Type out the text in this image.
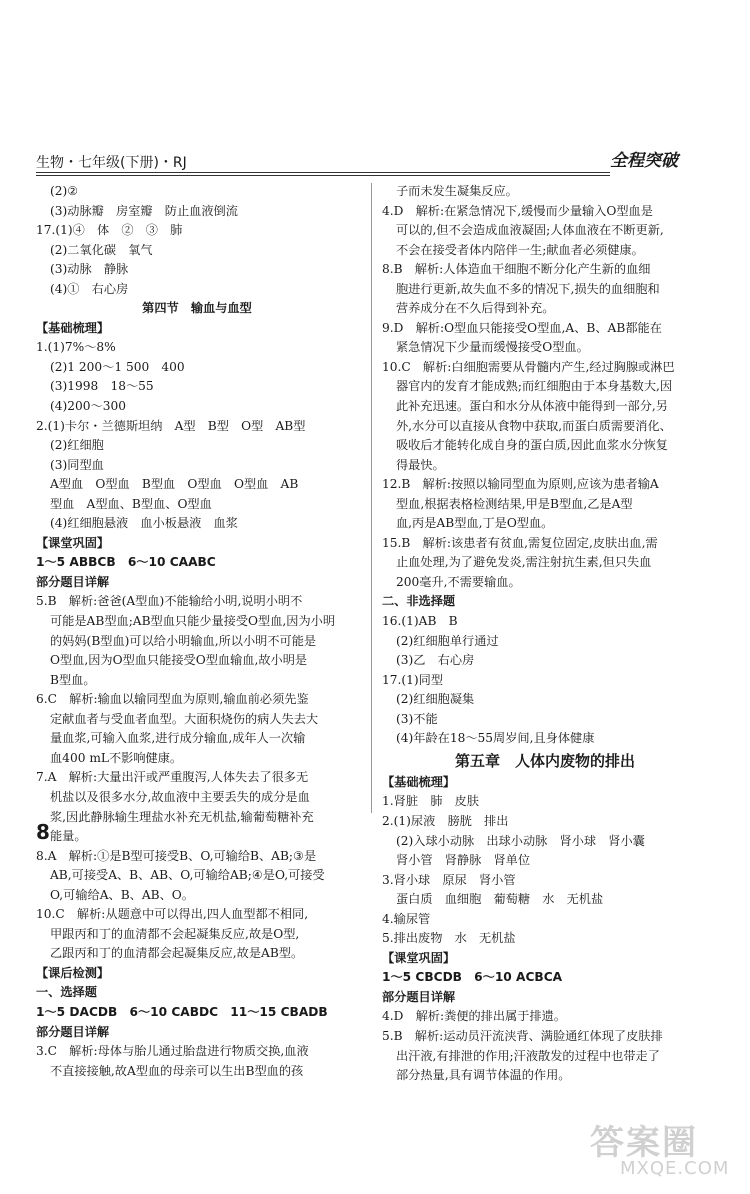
生物・七年级(下册)・RJ	全程突破
(2)②
(3)动脉瓣　房室瓣　防止血液倒流
17.(1)④　体　②　③　肺
(2)二氧化碳　氧气
(3)动脉　静脉
(4)①　右心房
第四节　输血与血型
【基础梳理】
1.(1)7%～8%
(2)1 200～1 500　400
(3)1998　18～55
(4)200～300
2.(1)卡尔・兰德斯坦纳　A型　B型　O型　AB型
(2)红细胞
(3)同型血
A型血　O型血　B型血　O型血　O型血　AB
型血　A型血、B型血、O型血
(4)红细胞悬液　血小板悬液　血浆
【课堂巩固】
1～5 ABBCB　6～10 CAABC
部分题目详解
5.B　解析:爸爸(A型血)不能输给小明,说明小明不
可能是AB型血;AB型血只能少量接受O型血,因为小明
的妈妈(B型血)可以给小明输血,所以小明不可能是
O型血,因为O型血只能接受O型血输血,故小明是
B型血。
6.C　解析:输血以输同型血为原则,输血前必须先鉴
定献血者与受血者血型。大面积烧伤的病人失去大
量血浆,可输入血浆,进行成分输血,成年人一次输
血400 mL不影响健康。
7.A　解析:大量出汗或严重腹泻,人体失去了很多无
机盐以及很多水分,故血液中主要丢失的成分是血
浆,因此静脉输生理盐水补充无机盐,输葡萄糖补充
能量。
8.A　解析:①是B型可接受B、O,可输给B、AB;③是
AB,可接受A、B、AB、O,可输给AB;④是O,可接受
O,可输给A、B、AB、O。
10.C　解析:从题意中可以得出,四人血型都不相同,
甲跟丙和丁的血清都不会起凝集反应,故是O型,
乙跟丙和丁的血清都会起凝集反应,故是AB型。
【课后检测】
一、选择题
1～5 DACDB　6～10 CABDC　11～15 CBADB
部分题目详解
3.C　解析:母体与胎儿通过胎盘进行物质交换,血液
不直接接触,故A型血的母亲可以生出B型血的孩
子而未发生凝集反应。
4.D　解析:在紧急情况下,缓慢而少量输入O型血是
可以的,但不会造成血液凝固;人体血液在不断更新,
不会在接受者体内陪伴一生;献血者必须健康。
8.B　解析:人体造血干细胞不断分化产生新的血细
胞进行更新,故失血不多的情况下,损失的血细胞和
营养成分在不久后得到补充。
9.D　解析:O型血只能接受O型血,A、B、AB都能在
紧急情况下少量而缓慢接受O型血。
10.C　解析:白细胞需要从骨髓内产生,经过胸腺或淋巴
器官内的发育才能成熟;而红细胞由于本身基数大,因
此补充迅速。蛋白和水分从体液中能得到一部分,另
外,水分可以直接从食物中获取,而蛋白质需要消化、
吸收后才能转化成自身的蛋白质,因此血浆水分恢复
得最快。
12.B　解析:按照以输同型血为原则,应该为患者输A
型血,根据表格检测结果,甲是B型血,乙是A型
血,丙是AB型血,丁是O型血。
15.B　解析:该患者有贫血,需复位固定,皮肤出血,需
止血处理,为了避免发炎,需注射抗生素,但只失血
200毫升,不需要输血。
二、非选择题
16.(1)AB　B
(2)红细胞单行通过
(3)乙　右心房
17.(1)同型
(2)红细胞凝集
(3)不能
(4)年龄在18～55周岁间,且身体健康
第五章　人体内废物的排出
【基础梳理】
1.肾脏　肺　皮肤
2.(1)尿液　膀胱　排出
(2)入球小动脉　出球小动脉　肾小球　肾小囊
肾小管　肾静脉　肾单位
3.肾小球　原尿　肾小管
蛋白质　血细胞　葡萄糖　水　无机盐
4.输尿管
5.排出废物　水　无机盐
【课堂巩固】
1～5 CBCDB　6～10 ACBCA
部分题目详解
4.D　解析:粪便的排出属于排遗。
5.B　解析:运动员汗流浃背、满脸通红体现了皮肤排
出汗液,有排泄的作用;汗液散发的过程中也带走了
部分热量,具有调节体温的作用。
8
答案圈
MXQE.COM
